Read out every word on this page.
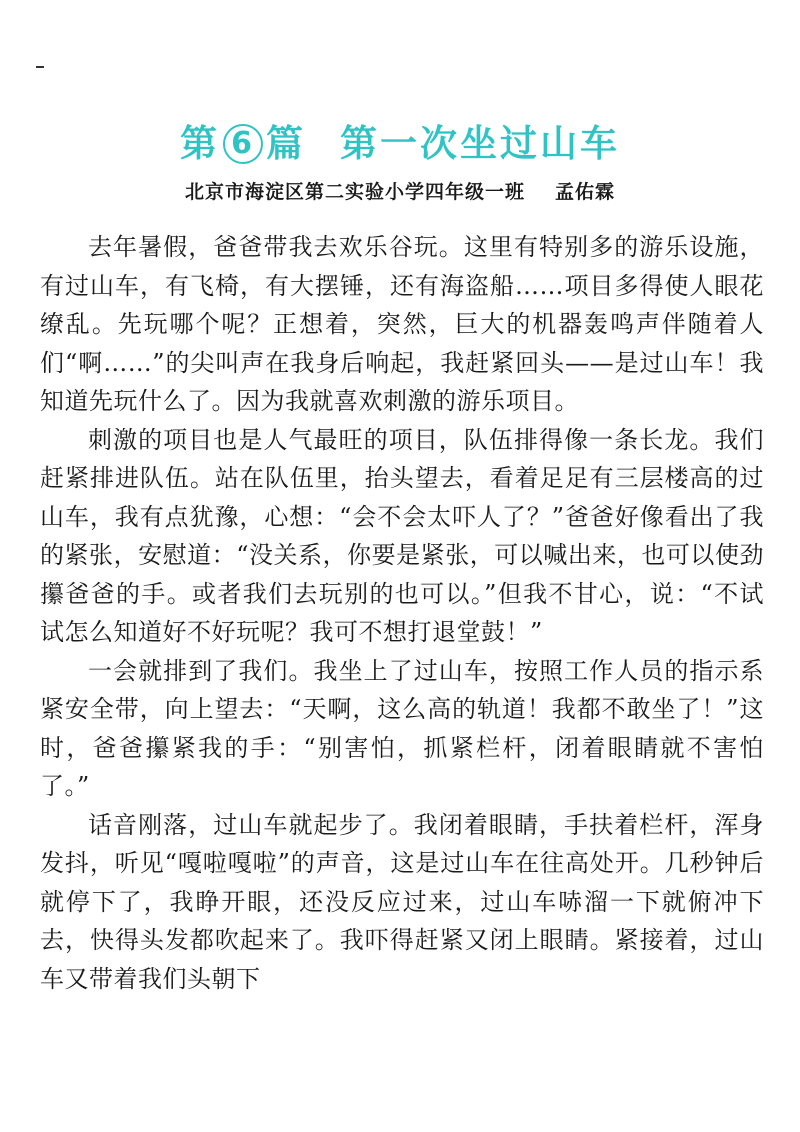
第 6 篇 第一次坐过山车
北京市海淀区第二实验小学四年级一班 孟佑霖

去年暑假，爸爸带我去欢乐谷玩。这里有特别多的游乐设施，有过山车，有飞椅，有大摆锤，还有海盗船……项目多得使人眼花缭乱。先玩哪个呢？正想着，突然，巨大的机器轰鸣声伴随着人们“啊……”的尖叫声在我身后响起，我赶紧回头——是过山车！我知道先玩什么了。因为我就喜欢刺激的游乐项目。

刺激的项目也是人气最旺的项目，队伍排得像一条长龙。我们赶紧排进队伍。站在队伍里，抬头望去，看着足足有三层楼高的过山车，我有点犹豫，心想：“会不会太吓人了？”爸爸好像看出了我的紧张，安慰道：“没关系，你要是紧张，可以喊出来，也可以使劲攥爸爸的手。或者我们去玩别的也可以。”但我不甘心，说：“不试试怎么知道好不好玩呢？我可不想打退堂鼓！”

一会就排到了我们。我坐上了过山车，按照工作人员的指示系紧安全带，向上望去：“天啊，这么高的轨道！我都不敢坐了！”这时，爸爸攥紧我的手：“别害怕，抓紧栏杆，闭着眼睛就不害怕了。”

话音刚落，过山车就起步了。我闭着眼睛，手扶着栏杆，浑身发抖，听见“嘎啦嘎啦”的声音，这是过山车在往高处开。几秒钟后就停下了，我睁开眼，还没反应过来，过山车哧溜一下就俯冲下去，快得头发都吹起来了。我吓得赶紧又闭上眼睛。紧接着，过山车又带着我们头朝下
